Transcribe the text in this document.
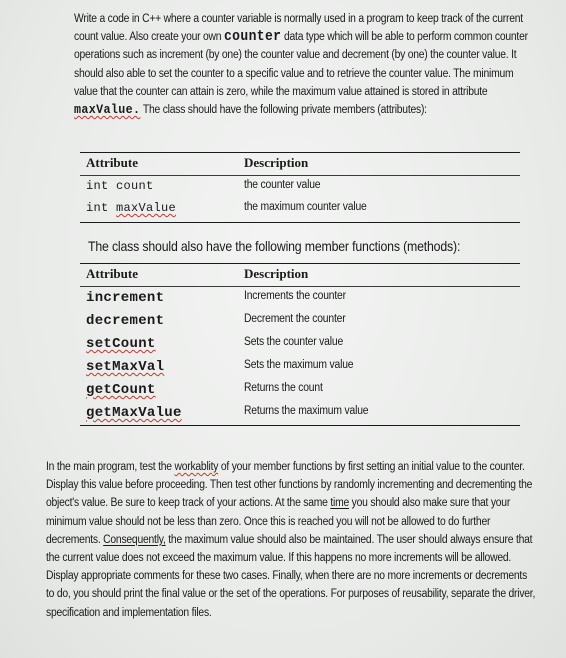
Write a code in C++ where a counter variable is normally used in a program to keep track of the current count value. Also create your own counter data type which will be able to perform common counter operations such as increment (by one) the counter value and decrement (by one) the counter value. It should also able to set the counter to a specific value and to retrieve the counter value. The minimum value that the counter can attain is zero, while the maximum value attained is stored in attribute maxValue. The class should have the following private members (attributes):

Attribute	Description
int count	the counter value
int maxValue	the maximum counter value
The class should also have the following member functions (methods):
Attribute	Description
increment	Increments the counter
decrement	Decrement the counter
setCount	Sets the counter value
setMaxVal	Sets the maximum value
getCount	Returns the count
getMaxValue	Returns the maximum value

In the main program, test the workablity of your member functions by first setting an initial value to the counter. Display this value before proceeding. Then test other functions by randomly incrementing and decrementing the object's value. Be sure to keep track of your actions. At the same time you should also make sure that your minimum value should not be less than zero. Once this is reached you will not be allowed to do further decrements. Consequently, the maximum value should also be maintained. The user should always ensure that the current value does not exceed the maximum value. If this happens no more increments will be allowed. Display appropriate comments for these two cases. Finally, when there are no more increments or decrements to do, you should print the final value or the set of the operations. For purposes of reusability, separate the driver, specification and implementation files.
